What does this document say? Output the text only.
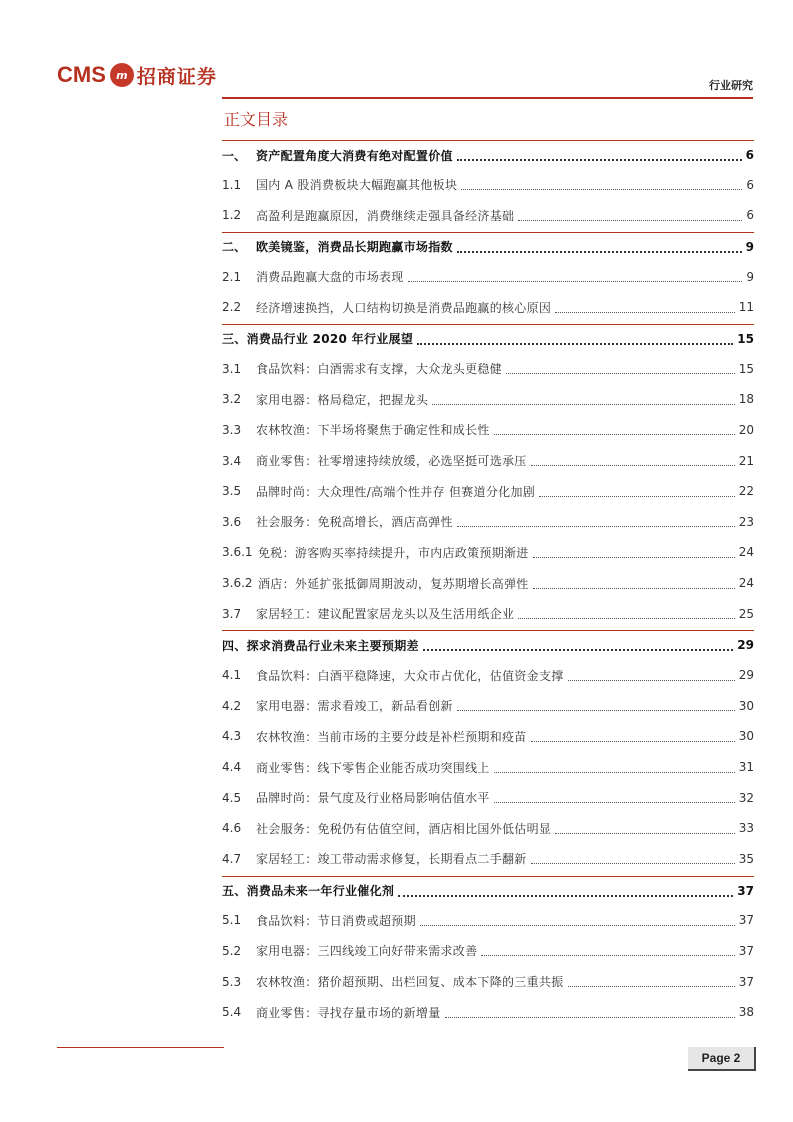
CMS m 招商证券	行业研究
正文目录
一、 资产配置角度大消费有绝对配置价值	6
1.1	国内 A 股消费板块大幅跑赢其他板块	6
1.2	高盈利是跑赢原因，消费继续走强具备经济基础	6
二、 欧美镜鉴，消费品长期跑赢市场指数	9
2.1	消费品跑赢大盘的市场表现	9
2.2	经济增速换挡，人口结构切换是消费品跑赢的核心原因	11
三、消费品行业 2020 年行业展望	15
3.1	食品饮料：白酒需求有支撑，大众龙头更稳健	15
3.2	家用电器：格局稳定，把握龙头	18
3.3	农林牧渔：下半场将聚焦于确定性和成长性	20
3.4	商业零售：社零增速持续放缓，必选坚挺可选承压	21
3.5	品牌时尚：大众理性/高端个性并存 但赛道分化加剧	22
3.6	社会服务：免税高增长，酒店高弹性	23
3.6.1 免税：游客购买率持续提升，市内店政策预期渐进	24
3.6.2 酒店：外延扩张抵御周期波动，复苏期增长高弹性	24
3.7	家居轻工：建议配置家居龙头以及生活用纸企业	25
四、探求消费品行业未来主要预期差	29
4.1	食品饮料：白酒平稳降速，大众市占优化，估值资金支撑	29
4.2	家用电器：需求看竣工，新品看创新	30
4.3	农林牧渔：当前市场的主要分歧是补栏预期和疫苗	30
4.4	商业零售：线下零售企业能否成功突围线上	31
4.5	品牌时尚：景气度及行业格局影响估值水平	32
4.6	社会服务：免税仍有估值空间，酒店相比国外低估明显	33
4.7	家居轻工：竣工带动需求修复，长期看点二手翻新	35
五、消费品未来一年行业催化剂	37
5.1	食品饮料：节日消费或超预期	37
5.2	家用电器：三四线竣工向好带来需求改善	37
5.3	农林牧渔：猪价超预期、出栏回复、成本下降的三重共振	37
5.4	商业零售：寻找存量市场的新增量	38
Page 2
